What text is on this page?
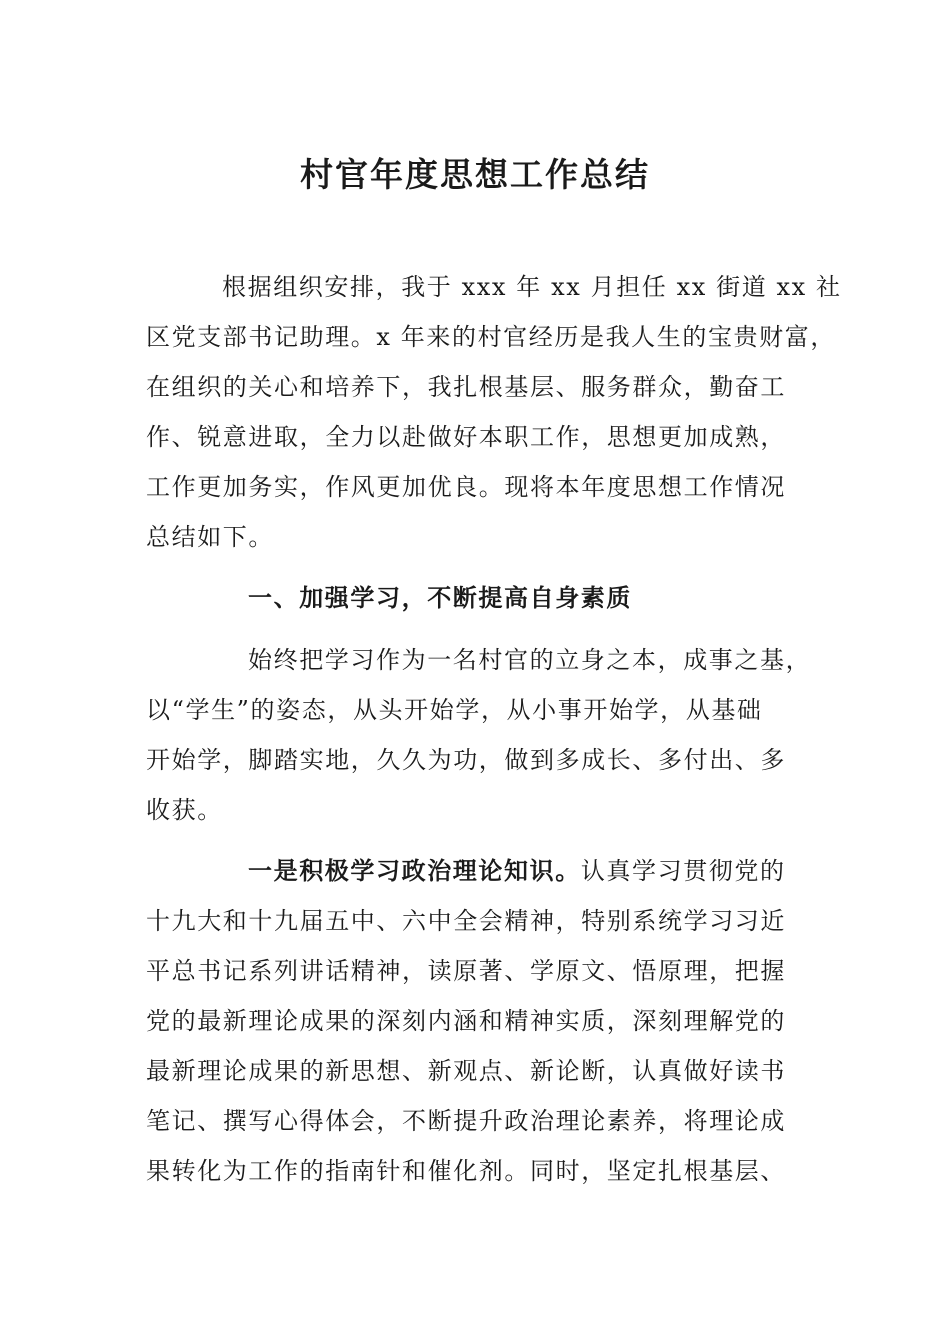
村官年度思想工作总结
根据组织安排，我于 xxx 年 xx 月担任 xx 街道 xx 社
区党支部书记助理。x 年来的村官经历是我人生的宝贵财富，
在组织的关心和培养下，我扎根基层、服务群众，勤奋工
作、锐意进取，全力以赴做好本职工作，思想更加成熟，
工作更加务实，作风更加优良。现将本年度思想工作情况
总结如下。
一、加强学习，不断提高自身素质
始终把学习作为一名村官的立身之本，成事之基，
以“学生”的姿态，从头开始学，从小事开始学，从基础
开始学，脚踏实地，久久为功，做到多成长、多付出、多
收获。
一是积极学习政治理论知识。认真学习贯彻党的
十九大和十九届五中、六中全会精神，特别系统学习习近
平总书记系列讲话精神，读原著、学原文、悟原理，把握
党的最新理论成果的深刻内涵和精神实质，深刻理解党的
最新理论成果的新思想、新观点、新论断，认真做好读书
笔记、撰写心得体会，不断提升政治理论素养，将理论成
果转化为工作的指南针和催化剂。同时，坚定扎根基层、
